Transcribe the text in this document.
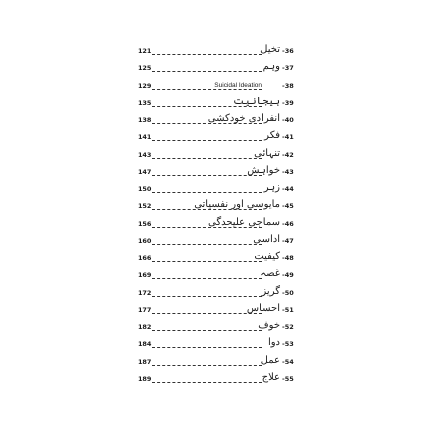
121	تخيل -36
125	وہم -37
129	Suicidal Ideation	-38
135	ہیجانیت -39
138	انفرادی خودکشی -40
141	فکر -41
143	تنہائی -42
147	خواہش -43
150	زہر -44
152	مایوسی اور نفسیاتی -45
156	سماجی علیحدگی -46
160	اداسی -47
166	کیفیت -48
169	غصہ -49
172	گریز -50
177	احساس -51
182	خوف -52
184	دوا -53
187	عمل -54
189	علاج -55
